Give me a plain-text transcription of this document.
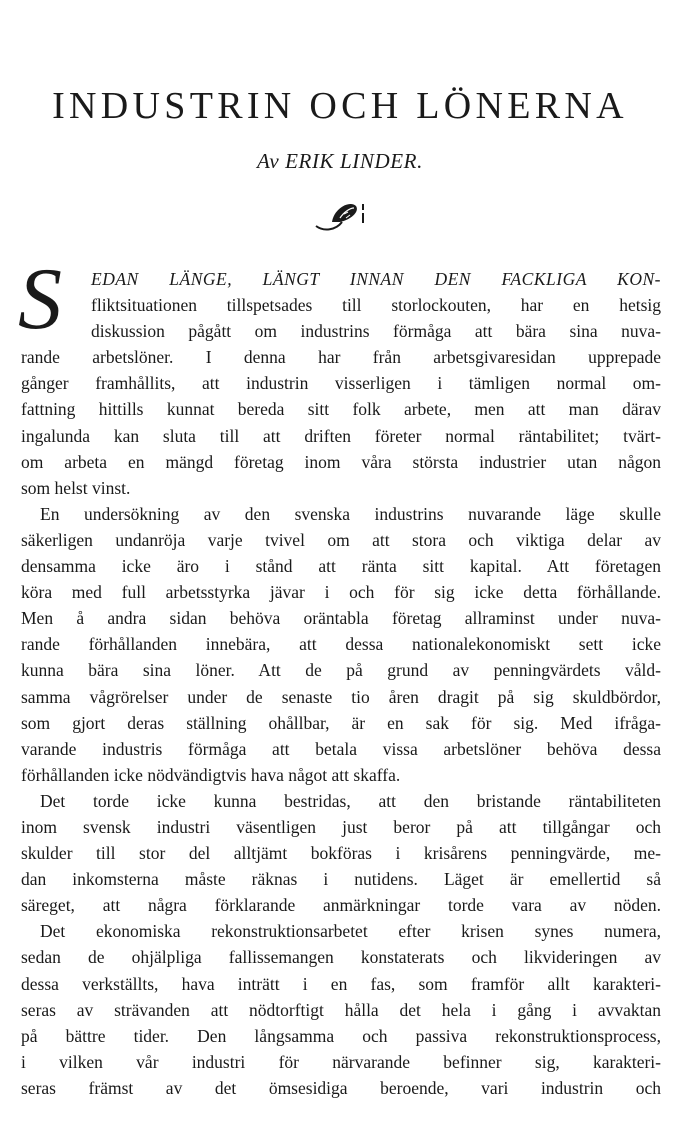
INDUSTRIN OCH LÖNERNA
Av ERIK LINDER.
S	EDAN LÄNGE, LÄNGT INNAN DEN FACKLIGA KON-
fliktsituationen tillspetsades till storlockouten, har en hetsig
diskussion pågått om industrins förmåga att bära sina nuva-
rande arbetslöner. I denna har från arbetsgivaresidan upprepade
gånger framhållits, att industrin visserligen i tämligen normal om-
fattning hittills kunnat bereda sitt folk arbete, men att man därav
ingalunda kan sluta till att driften företer normal räntabilitet; tvärt-
om arbeta en mängd företag inom våra största industrier utan någon
som helst vinst.
En undersökning av den svenska industrins nuvarande läge skulle
säkerligen undanröja varje tvivel om att stora och viktiga delar av
densamma icke äro i stånd att ränta sitt kapital. Att företagen
köra med full arbetsstyrka jävar i och för sig icke detta förhållande.
Men å andra sidan behöva oräntabla företag allraminst under nuva-
rande förhållanden innebära, att dessa nationalekonomiskt sett icke
kunna bära sina löner. Att de på grund av penningvärdets våld-
samma vågrörelser under de senaste tio åren dragit på sig skuldbördor,
som gjort deras ställning ohållbar, är en sak för sig. Med ifråga-
varande industris förmåga att betala vissa arbetslöner behöva dessa
förhållanden icke nödvändigtvis hava något att skaffa.
Det torde icke kunna bestridas, att den bristande räntabiliteten
inom svensk industri väsentligen just beror på att tillgångar och
skulder till stor del alltjämt bokföras i krisårens penningvärde, me-
dan inkomsterna måste räknas i nutidens. Läget är emellertid så
säreget, att några förklarande anmärkningar torde vara av nöden.
Det ekonomiska rekonstruktionsarbetet efter krisen synes numera,
sedan de ohjälpliga fallissemangen konstaterats och likvideringen av
dessa verkställts, hava inträtt i en fas, som framför allt karakteri-
seras av strävanden att nödtorftigt hålla det hela i gång i avvaktan
på bättre tider. Den långsamma och passiva rekonstruktionsprocess,
i vilken vår industri för närvarande befinner sig, karakteri-
seras främst av det ömsesidiga beroende, vari industrin och
